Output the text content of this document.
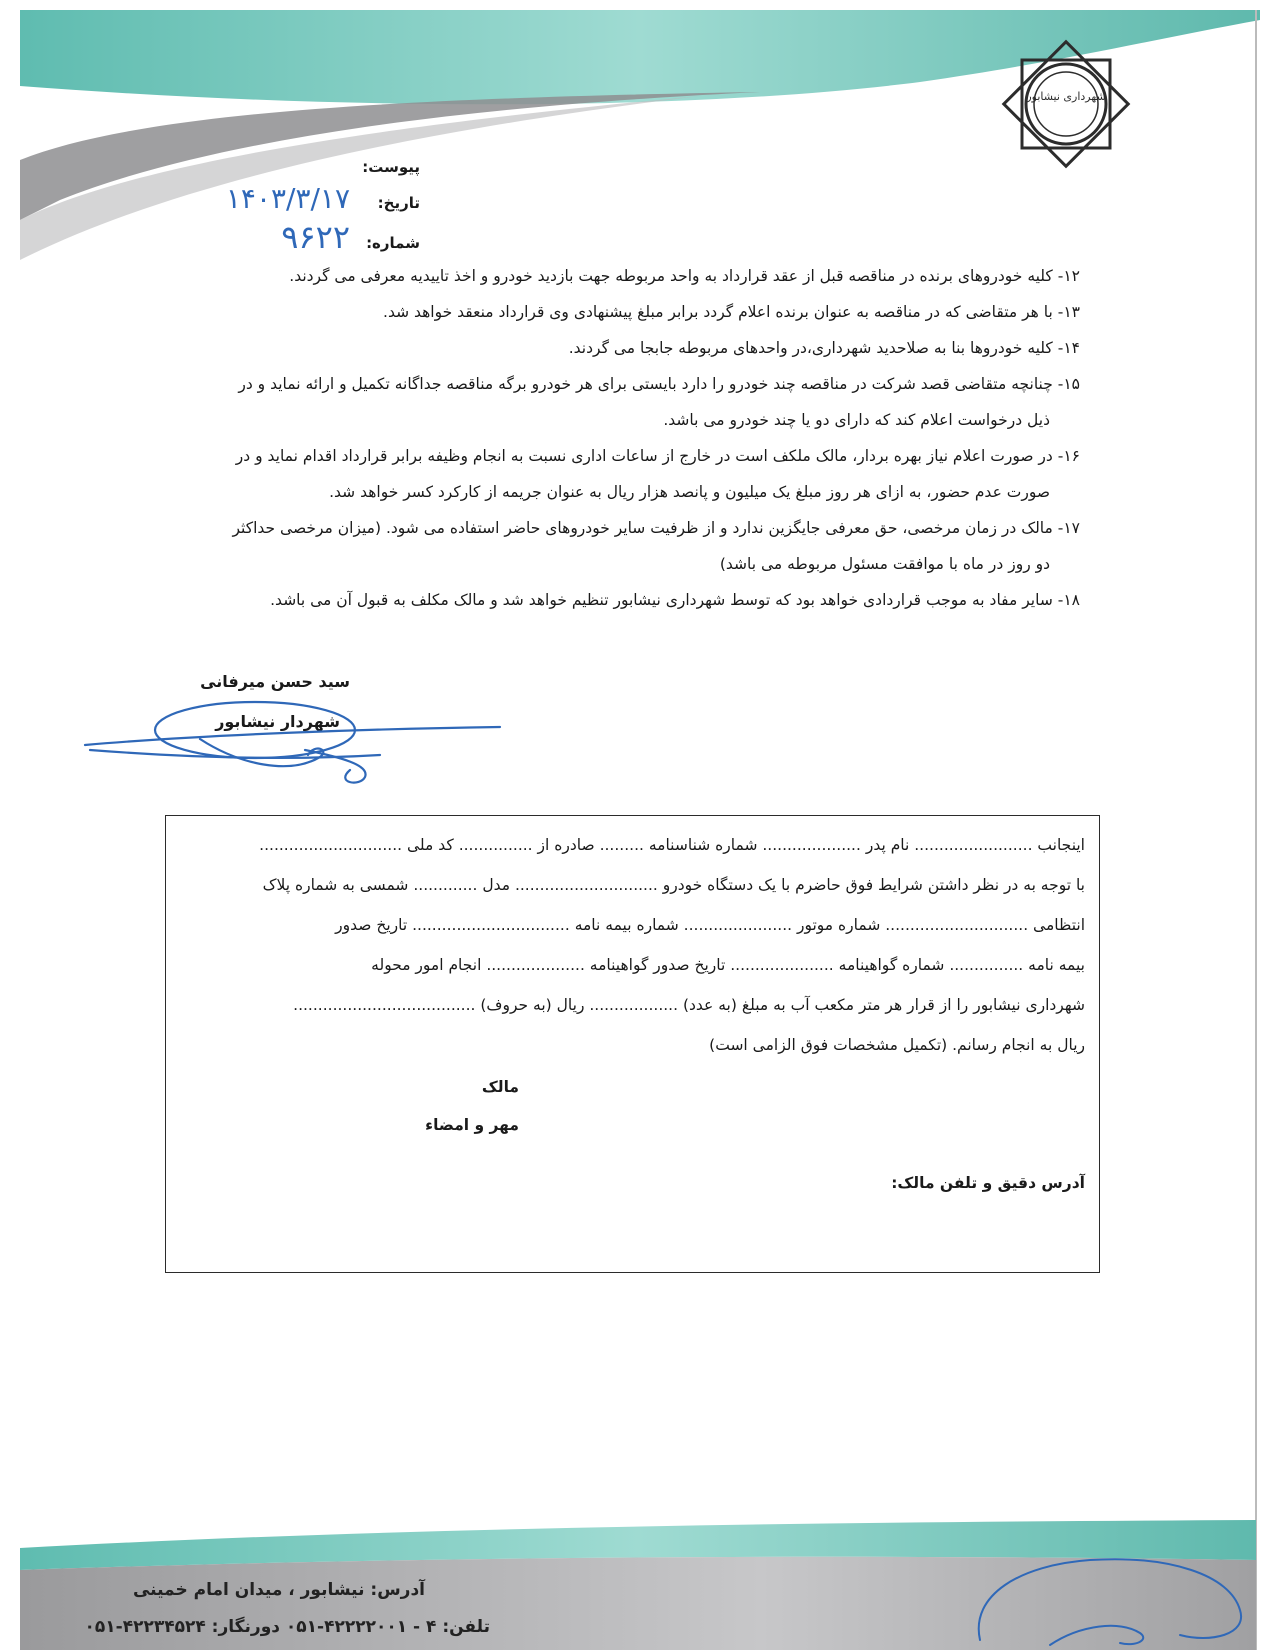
شهرداری نیشابور
پیوست:
تاریخ:
۱۴۰۳/۳/۱۷
شماره:
۹۶۲۲
۱۲- کلیه خودروهای برنده در مناقصه قبل از عقد قرارداد به واحد مربوطه جهت بازدید خودرو و اخذ تاییدیه معرفی می گردند.
۱۳- با هر متقاضی که در مناقصه به عنوان برنده اعلام گردد برابر مبلغ پیشنهادی وی قرارداد منعقد خواهد شد.
۱۴- کلیه خودروها بنا به صلاحدید شهرداری،در واحدهای مربوطه جابجا می گردند.
۱۵- چنانچه متقاضی قصد شرکت در مناقصه چند خودرو را دارد بایستی برای هر خودرو برگه مناقصه جداگانه تکمیل و ارائه نماید و در
ذیل درخواست اعلام کند که دارای دو یا چند خودرو می باشد.
۱۶- در صورت اعلام نیاز بهره بردار، مالک ملکف است در خارج از ساعات اداری نسبت به انجام وظیفه برابر قرارداد اقدام نماید و در
صورت عدم حضور، به ازای هر روز مبلغ یک میلیون و پانصد هزار ریال به عنوان جریمه از کارکرد کسر خواهد شد.
۱۷- مالک در زمان مرخصی، حق معرفی جایگزین ندارد و از ظرفیت سایر خودروهای حاضر استفاده می شود. (میزان مرخصی حداکثر
دو روز در ماه با موافقت مسئول مربوطه می باشد)
۱۸- سایر مفاد به موجب قراردادی خواهد بود که توسط شهرداری نیشابور تنظیم خواهد شد و مالک مکلف به قبول آن می باشد.
سید حسن میرفانی
شهردار نیشابور
اینجانب ........................ نام پدر .................... شماره شناسنامه ......... صادره از ............... کد ملی .............................
با توجه به در نظر داشتن شرایط فوق حاضرم با یک دستگاه خودرو ............................. مدل ............. شمسی به شماره پلاک
انتظامی ............................. شماره موتور ...................... شماره بیمه نامه ................................ تاریخ صدور
بیمه نامه ............... شماره گواهینامه ..................... تاریخ صدور گواهینامه .................... انجام امور محوله
شهرداری نیشابور را از قرار هر متر مکعب آب به مبلغ (به عدد) .................. ریال (به حروف) .....................................
ریال به انجام رسانم. (تکمیل مشخصات فوق الزامی است)
مالک
مهر و امضاء
آدرس دقیق و تلفن مالک:
آدرس: نیشابور ، میدان امام خمینی
تلفن: ۴ - ۴۲۲۲۲۰۰۱-۰۵۱ دورنگار: ۴۲۲۳۴۵۲۴-۰۵۱
